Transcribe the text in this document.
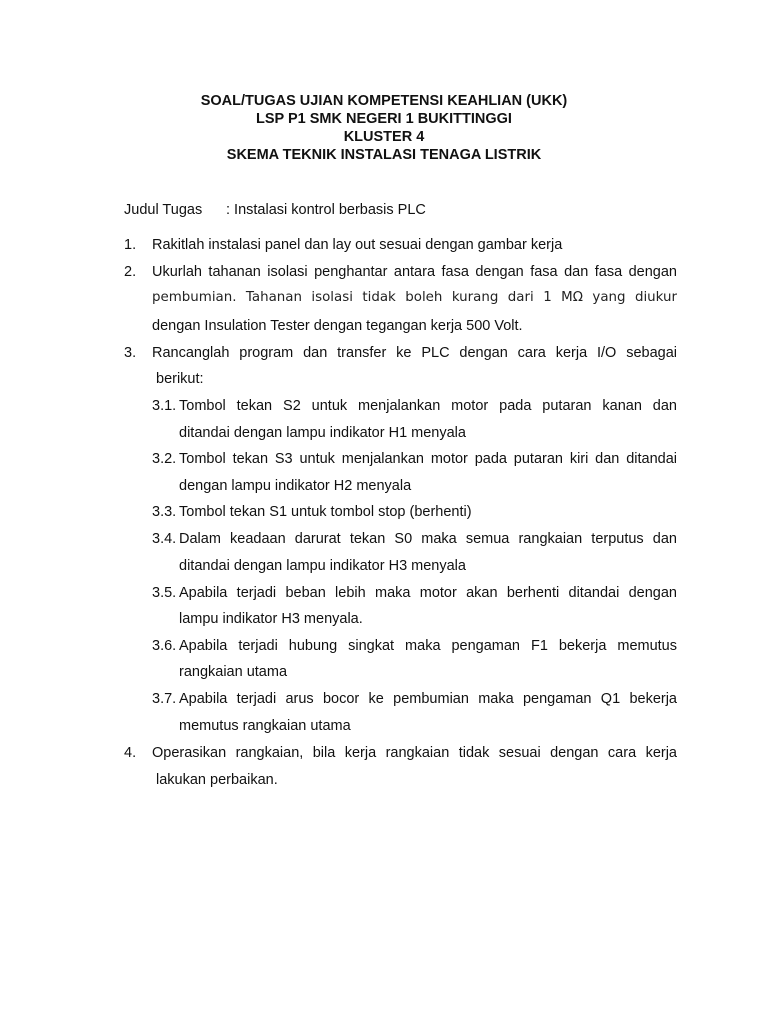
SOAL/TUGAS UJIAN KOMPETENSI KEAHLIAN (UKK)
LSP P1 SMK NEGERI 1 BUKITTINGGI
KLUSTER 4
SKEMA TEKNIK INSTALASI TENAGA LISTRIK
Judul Tugas : Instalasi kontrol berbasis PLC
1. Rakitlah instalasi panel dan lay out sesuai dengan gambar kerja
2. Ukurlah tahanan isolasi penghantar antara fasa dengan fasa dan fasa dengan
pembumian. Tahanan isolasi tidak boleh kurang dari 1 MΩ yang diukur
dengan Insulation Tester dengan tegangan kerja 500 Volt.
3. Rancanglah program dan transfer ke PLC dengan cara kerja I/O sebagai
berikut:
3.1. Tombol tekan S2 untuk menjalankan motor pada putaran kanan dan
ditandai dengan lampu indikator H1 menyala
3.2. Tombol tekan S3 untuk menjalankan motor pada putaran kiri dan ditandai
dengan lampu indikator H2 menyala
3.3. Tombol tekan S1 untuk tombol stop (berhenti)
3.4. Dalam keadaan darurat tekan S0 maka semua rangkaian terputus dan
ditandai dengan lampu indikator H3 menyala
3.5. Apabila terjadi beban lebih maka motor akan berhenti ditandai dengan
lampu indikator H3 menyala.
3.6. Apabila terjadi hubung singkat maka pengaman F1 bekerja memutus
rangkaian utama
3.7. Apabila terjadi arus bocor ke pembumian maka pengaman Q1 bekerja
memutus rangkaian utama
4. Operasikan rangkaian, bila kerja rangkaian tidak sesuai dengan cara kerja
lakukan perbaikan.
